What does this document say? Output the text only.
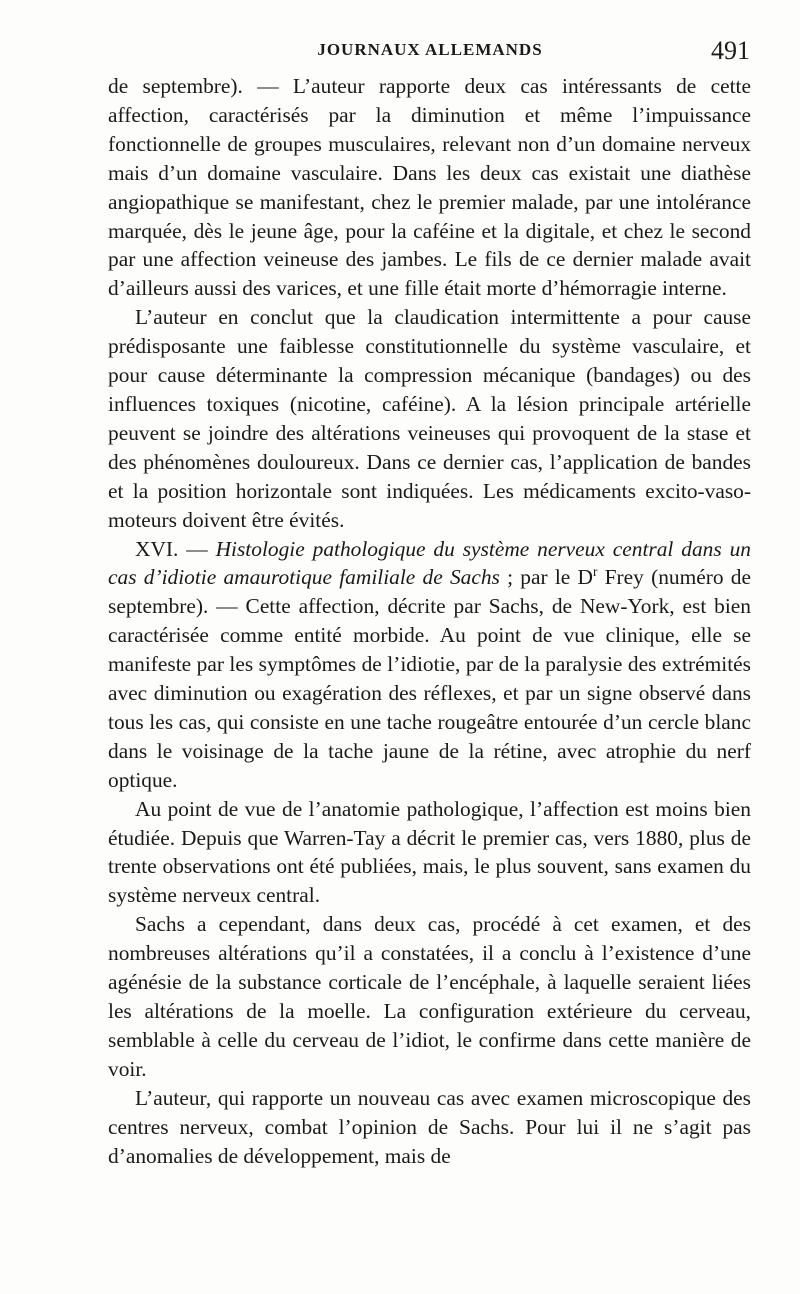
JOURNAUX ALLEMANDS	491

de septembre). — L’auteur rapporte deux cas intéressants de cette affection, caractérisés par la diminution et même l’impuissance fonctionnelle de groupes musculaires, relevant non d’un domaine nerveux mais d’un domaine vasculaire. Dans les deux cas existait une diathèse angiopathique se manifestant, chez le premier malade, par une intolérance marquée, dès le jeune âge, pour la caféine et la digitale, et chez le second par une affection veineuse des jambes. Le fils de ce dernier malade avait d’ailleurs aussi des varices, et une fille était morte d’hémorragie interne.

L’auteur en conclut que la claudication intermittente a pour cause prédisposante une faiblesse constitutionnelle du système vasculaire, et pour cause déterminante la compression mécanique (bandages) ou des influences toxiques (nicotine, caféine). A la lésion principale artérielle peuvent se joindre des altérations veineuses qui provoquent de la stase et des phénomènes douloureux. Dans ce dernier cas, l’application de bandes et la position horizontale sont indiquées. Les médicaments excito-vaso-moteurs doivent être évités.

XVI. — Histologie pathologique du système nerveux central dans un cas d’idiotie amaurotique familiale de Sachs ; par le $D^r$ Frey (numéro de septembre). — Cette affection, décrite par Sachs, de New-York, est bien caractérisée comme entité morbide. Au point de vue clinique, elle se manifeste par les symptômes de l’idiotie, par de la paralysie des extrémités avec diminution ou exagération des réflexes, et par un signe observé dans tous les cas, qui consiste en une tache rougeâtre entourée d’un cercle blanc dans le voisinage de la tache jaune de la rétine, avec atrophie du nerf optique.

Au point de vue de l’anatomie pathologique, l’affection est moins bien étudiée. Depuis que Warren-Tay a décrit le premier cas, vers 1880, plus de trente observations ont été publiées, mais, le plus souvent, sans examen du système nerveux central.

Sachs a cependant, dans deux cas, procédé à cet examen, et des nombreuses altérations qu’il a constatées, il a conclu à l’existence d’une agénésie de la substance corticale de l’encéphale, à laquelle seraient liées les altérations de la moelle. La configuration extérieure du cerveau, semblable à celle du cerveau de l’idiot, le confirme dans cette manière de voir.

L’auteur, qui rapporte un nouveau cas avec examen microscopique des centres nerveux, combat l’opinion de Sachs. Pour lui il ne s’agit pas d’anomalies de développement, mais de
